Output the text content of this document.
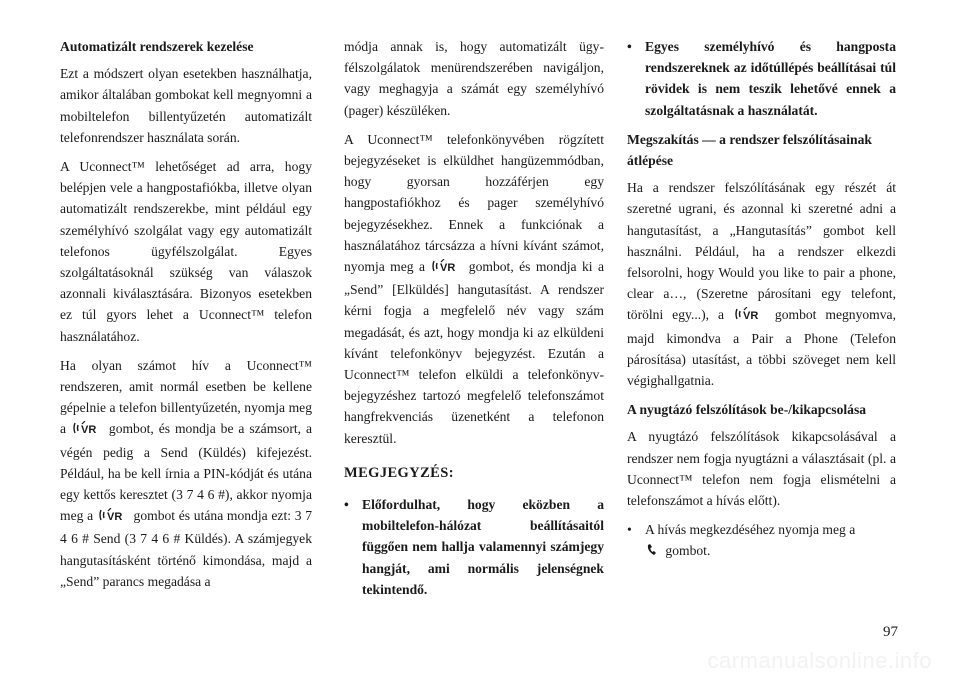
Automatizált rendszerek kezelése

Ezt a módszert olyan esetekben használhatja, amikor általában gombokat kell megnyomni a mobiltelefon billentyűzetén automatizált telefonrendszer használata során.

A Uconnect™ lehetőséget ad arra, hogy belépjen vele a hangpostafiókba, illetve olyan automatizált rendszerekbe, mint például egy személyhívó szolgálat vagy egy automatizált telefonos ügyfélszolgálat. Egyes szolgáltatásoknál szükség van válaszok azonnali kiválasztására. Bizonyos esetekben ez túl gyors lehet a Uconnect™ telefon használatához.

Ha olyan számot hív a Uconnect™ rendszeren, amit normál esetben be kellene gépelnie a telefon billentyűzetén, nyomja meg a VR gombot, és mondja be a számsort, a végén pedig a Send (Küldés) kifejezést. Például, ha be kell írnia a PIN-kódját és utána egy kettős keresztet (3 7 4 6 #), akkor nyomja meg a VR gombot és utána mondja ezt: 3 7 4 6 # Send (3 7 4 6 # Küldés). A számjegyek hangutasításként történő kimondása, majd a „Send” parancs megadása a

módja annak is, hogy automatizált ügyfélszolgálatok menürendszerében navigáljon, vagy meghagyja a számát egy személyhívó (pager) készüléken.

A Uconnect™ telefonkönyvében rögzített bejegyzéseket is elküldhet hangüzemmódban, hogy gyorsan hozzáférjen egy hangpostafiókhoz és pager személyhívó bejegyzésekhez. Ennek a funkciónak a használatához tárcsázza a hívni kívánt számot, nyomja meg a VR gombot, és mondja ki a „Send” [Elküldés] hangutasítást. A rendszer kérni fogja a megfelelő név vagy szám megadását, és azt, hogy mondja ki az elküldeni kívánt telefonkönyv bejegyzést. Ezután a Uconnect™ telefon elküldi a telefonkönyv-bejegyzéshez tartozó megfelelő telefonszámot hangfrekvenciás üzenetként a telefonon keresztül.

MEGJEGYZÉS:
• Előfordulhat, hogy eközben a mobiltelefon-hálózat beállításaitól függően nem hallja valamennyi számjegy hangját, ami normális jelenségnek tekintendő.
• Egyes személyhívó és hangposta rendszereknek az időtúllépés beállításai túl rövidek is nem teszik lehetővé ennek a szolgáltatásnak a használatát.
Megszakítás — a rendszer felszólításainak átlépése

Ha a rendszer felszólításának egy részét át szeretné ugrani, és azonnal ki szeretné adni a hangutasítást, a „Hangutasítás” gombot kell használni. Például, ha a rendszer elkezdi felsorolni, hogy Would you like to pair a phone, clear a…, (Szeretne párosítani egy telefont, törölni egy...), a VR gombot megnyomva, majd kimondva a Pair a Phone (Telefon párosítása) utasítást, a többi szöveget nem kell végighallgatnia.

A nyugtázó felszólítások be-/kikapcsolása

A nyugtázó felszólítások kikapcsolásával a rendszer nem fogja nyugtázni a választásait (pl. a Uconnect™ telefon nem fogja elismételni a telefonszámot a hívás előtt).

• A hívás megkezdéséhez nyomja meg a
gombot.
97
carmanualsonline.info
